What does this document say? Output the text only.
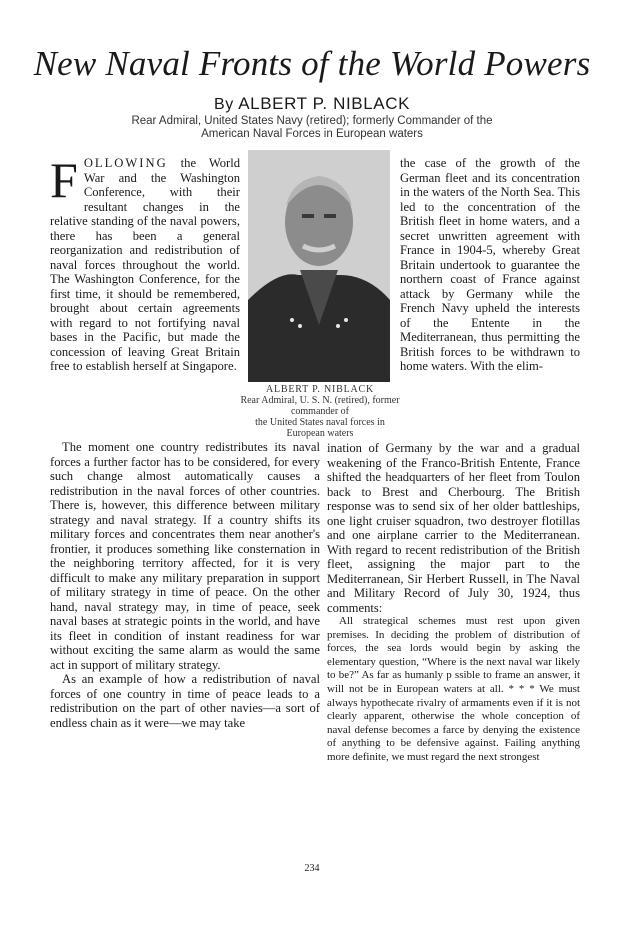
New Naval Fronts of the World Powers
By ALBERT P. NIBLACK
Rear Admiral, United States Navy (retired); formerly Commander of the
American Naval Forces in European waters

F OLLOWING the World War and the Washington Conference, with their resultant changes in the relative standing of the naval powers, there has been a general reorganization and redistribution of naval forces throughout the world. The Washington Conference, for the first time, it should be remembered, brought about certain agreements with regard to not fortifying naval bases in the Pacific, but made the concession of leaving Great Britain free to establish herself at Singapore.

ALBERT P. NIBLACK
Rear Admiral, U. S. N. (retired), former commander of
the United States naval forces in European waters

the case of the growth of the German fleet and its concentration in the waters of the North Sea. This led to the concentration of the British fleet in home waters, and a secret unwritten agreement with France in 1904-5, whereby Great Britain undertook to guarantee the northern coast of France against attack by Germany while the French Navy upheld the interests of the Entente in the Mediterranean, thus permitting the British forces to be withdrawn to home waters. With the elim-

The moment one country redistributes its naval forces a further factor has to be considered, for every such change almost automatically causes a redistribution in the naval forces of other countries. There is, however, this difference between military strategy and naval strategy. If a country shifts its military forces and concentrates them near another's frontier, it produces something like consternation in the neighboring territory affected, for it is very difficult to make any military preparation in support of military strategy in time of peace. On the other hand, naval strategy may, in time of peace, seek naval bases at strategic points in the world, and have its fleet in condition of instant readiness for war without exciting the same alarm as would the same act in support of military strategy.

As an example of how a redistribution of naval forces of one country in time of peace leads to a redistribution on the part of other navies—a sort of endless chain as it were—we may take

ination of Germany by the war and a gradual weakening of the Franco-British Entente, France shifted the headquarters of her fleet from Toulon back to Brest and Cherbourg. The British response was to send six of her older battleships, one light cruiser squadron, two destroyer flotillas and one airplane carrier to the Mediterranean. With regard to recent redistribution of the British fleet, assigning the major part to the Mediterranean, Sir Herbert Russell, in The Naval and Military Record of July 30, 1924, thus comments:

All strategical schemes must rest upon given premises. In deciding the problem of distribution of forces, the sea lords would begin by asking the elementary question, “Where is the next naval war likely to be?” As far as humanly p ssible to frame an answer, it will not be in European waters at all. * * * We must always hypothecate rivalry of armaments even if it is not clearly apparent, otherwise the whole conception of naval defense becomes a farce by denying the existence of anything to be defensive against. Failing anything more definite, we must regard the next strongest

234
